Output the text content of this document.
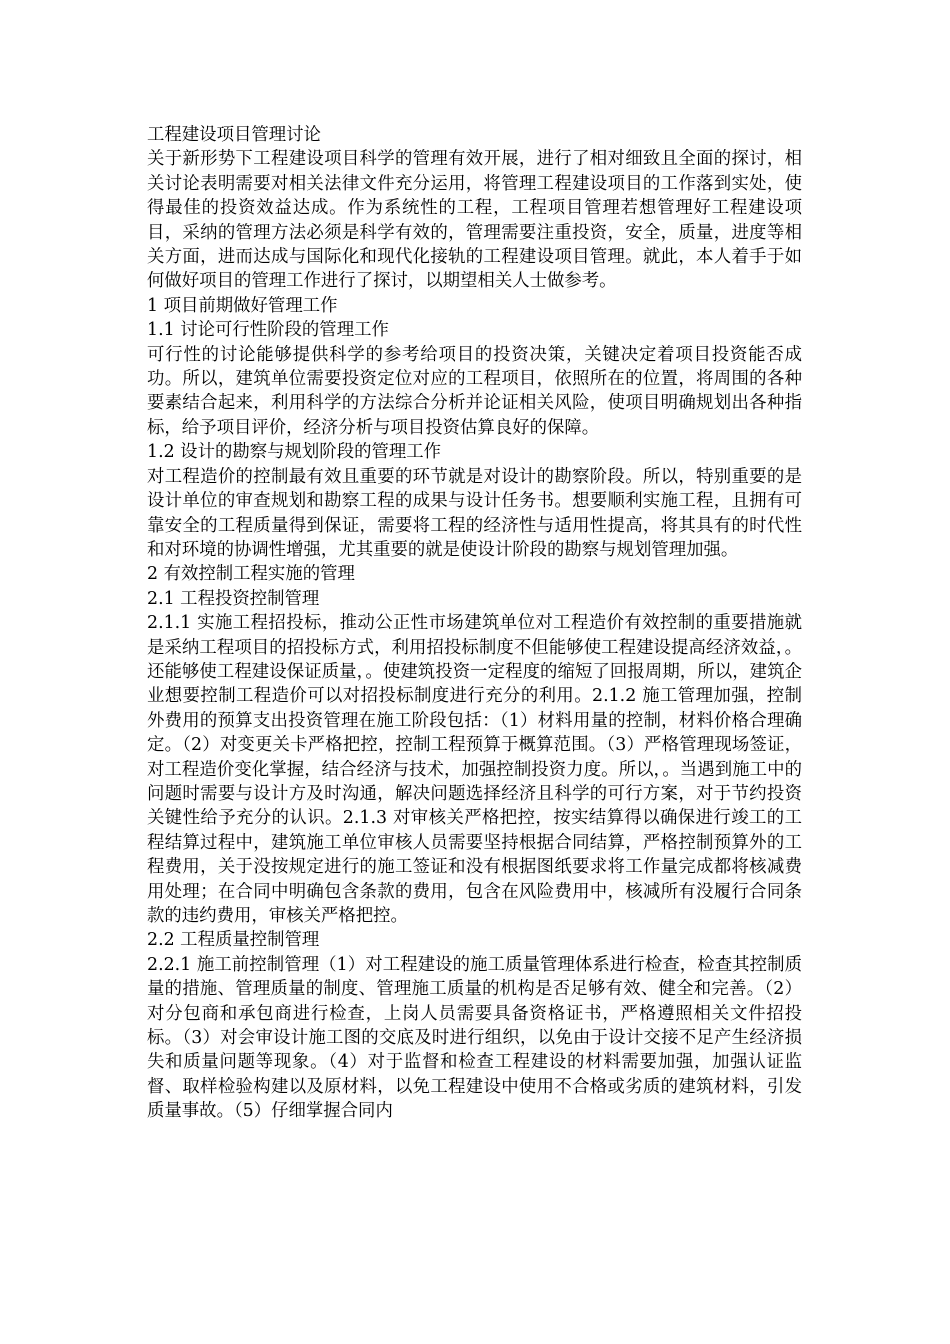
工程建设项目管理讨论

关于新形势下工程建设项目科学的管理有效开展，进行了相对细致且全面的探讨，相关讨论表明需要对相关法律文件充分运用，将管理工程建设项目的工作落到实处，使得最佳的投资效益达成。作为系统性的工程，工程项目管理若想管理好工程建设项目，采纳的管理方法必须是科学有效的，管理需要注重投资，安全，质量，进度等相关方面，进而达成与国际化和现代化接轨的工程建设项目管理。就此，本人着手于如何做好项目的管理工作进行了探讨，以期望相关人士做参考。

1 项目前期做好管理工作

1.1 讨论可行性阶段的管理工作

可行性的讨论能够提供科学的参考给项目的投资决策，关键决定着项目投资能否成功。所以，建筑单位需要投资定位对应的工程项目，依照所在的位置，将周围的各种要素结合起来，利用科学的方法综合分析并论证相关风险，使项目明确规划出各种指标，给予项目评价，经济分析与项目投资估算良好的保障。

1.2 设计的勘察与规划阶段的管理工作

对工程造价的控制最有效且重要的环节就是对设计的勘察阶段。所以，特别重要的是设计单位的审查规划和勘察工程的成果与设计任务书。想要顺利实施工程，且拥有可靠安全的工程质量得到保证，需要将工程的经济性与适用性提高，将其具有的时代性和对环境的协调性增强，尤其重要的就是使设计阶段的勘察与规划管理加强。

2 有效控制工程实施的管理

2.1 工程投资控制管理

2.1.1 实施工程招投标，推动公正性市场建筑单位对工程造价有效控制的重要措施就是采纳工程项目的招投标方式，利用招投标制度不但能够使工程建设提高经济效益，。还能够使工程建设保证质量，。使建筑投资一定程度的缩短了回报周期，所以，建筑企业想要控制工程造价可以对招投标制度进行充分的利用。2.1.2 施工管理加强，控制外费用的预算支出投资管理在施工阶段包括：（1）材料用量的控制，材料价格合理确定。（2）对变更关卡严格把控，控制工程预算于概算范围。（3）严格管理现场签证，对工程造价变化掌握，结合经济与技术，加强控制投资力度。所以，。当遇到施工中的问题时需要与设计方及时沟通，解决问题选择经济且科学的可行方案，对于节约投资关键性给予充分的认识。2.1.3 对审核关严格把控，按实结算得以确保进行竣工的工程结算过程中，建筑施工单位审核人员需要坚持根据合同结算，严格控制预算外的工程费用，关于没按规定进行的施工签证和没有根据图纸要求将工作量完成都将核减费用处理；在合同中明确包含条款的费用，包含在风险费用中，核减所有没履行合同条款的违约费用，审核关严格把控。

2.2 工程质量控制管理

2.2.1 施工前控制管理（1）对工程建设的施工质量管理体系进行检查，检查其控制质量的措施、管理质量的制度、管理施工质量的机构是否足够有效、健全和完善。（2）对分包商和承包商进行检查，上岗人员需要具备资格证书，严格遵照相关文件招投标。（3）对会审设计施工图的交底及时进行组织，以免由于设计交接不足产生经济损失和质量问题等现象。（4）对于监督和检查工程建设的材料需要加强，加强认证监督、取样检验构建以及原材料，以免工程建设中使用不合格或劣质的建筑材料，引发质量事故。（5）仔细掌握合同内
